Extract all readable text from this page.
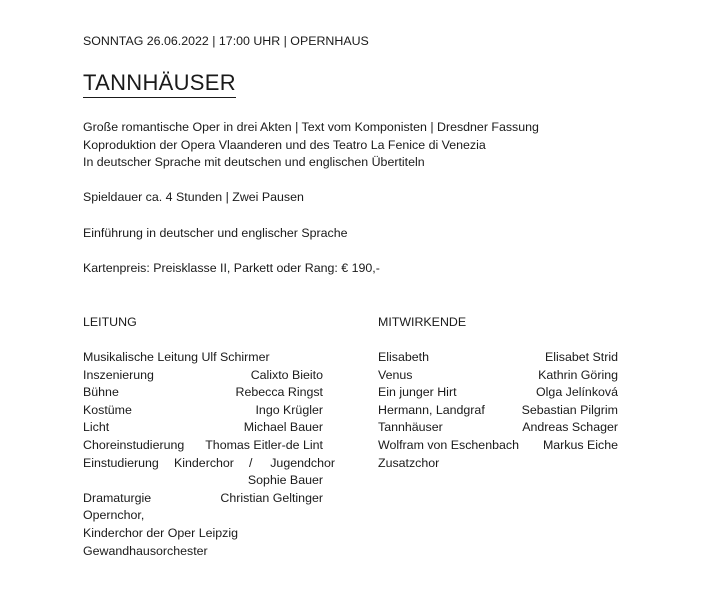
SONNTAG 26.06.2022 | 17:00 UHR | OPERNHAUS
TANNHÄUSER
Große romantische Oper in drei Akten | Text vom Komponisten | Dresdner Fassung
Koproduktion der Opera Vlaanderen und des Teatro La Fenice di Venezia
In deutscher Sprache mit deutschen und englischen Übertiteln
Spieldauer ca. 4 Stunden | Zwei Pausen
Einführung in deutscher und englischer Sprache
Kartenpreis: Preisklasse II, Parkett oder Rang: € 190,-
LEITUNG
Musikalische Leitung Ulf Schirmer
Inszenierung	Calixto Bieito
Bühne	Rebecca Ringst
Kostüme	Ingo Krügler
Licht	Michael Bauer
Choreinstudierung Thomas Eitler-de Lint
Einstudierung Kinderchor / Jugendchor
Sophie Bauer
Dramaturgie	Christian Geltinger
Opernchor,
Kinderchor der Oper Leipzig
Gewandhausorchester
MITWIRKENDE
Elisabeth	Elisabet Strid
Venus	Kathrin Göring
Ein junger Hirt	Olga Jelínková
Hermann, Landgraf	Sebastian Pilgrim
Tannhäuser	Andreas Schager
Wolfram von Eschenbach Markus Eiche
Zusatzchor
